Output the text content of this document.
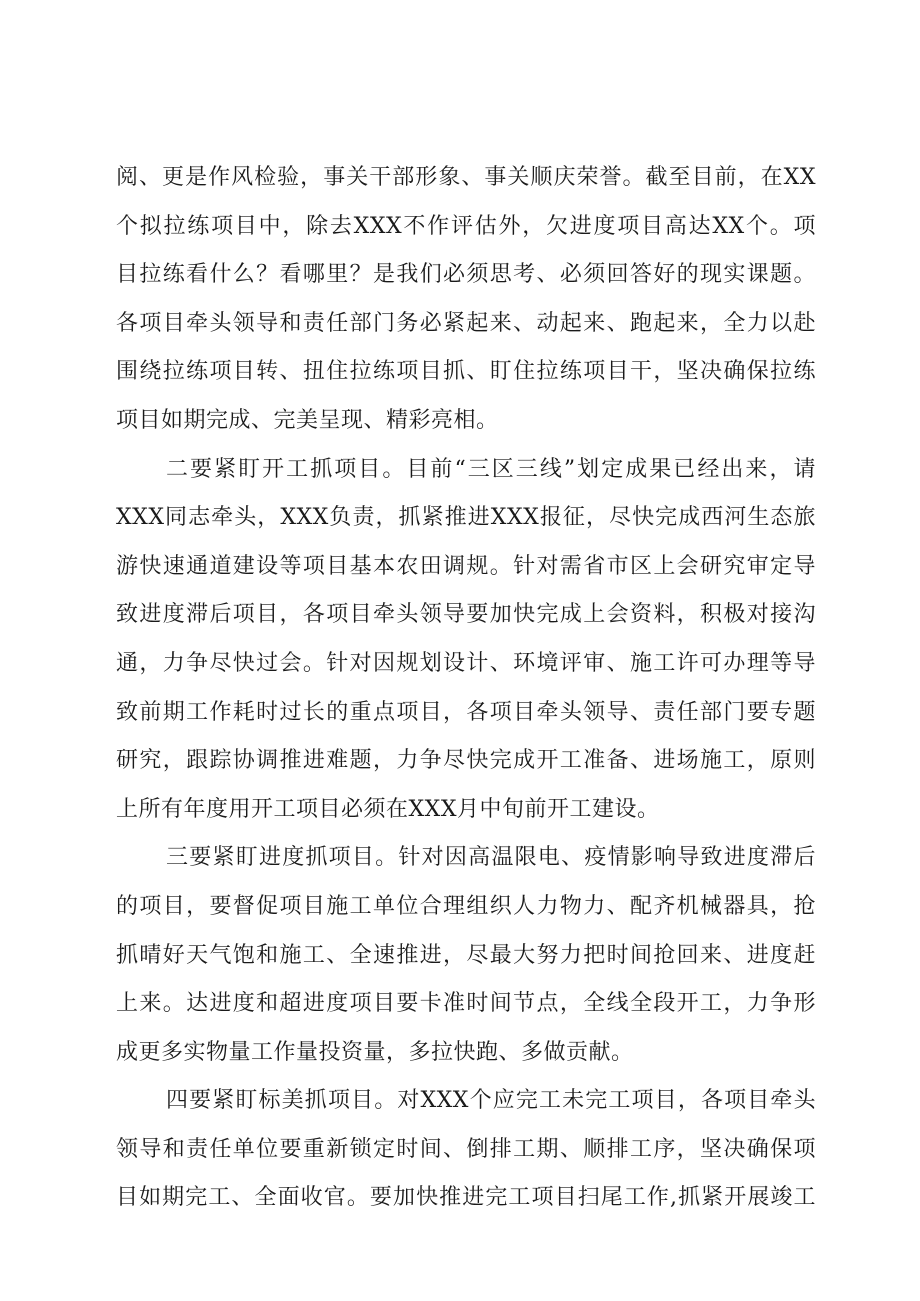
阅、更是作风检验，事关干部形象、事关顺庆荣誉。截至目前，在XX
个拟拉练项目中，除去XXX不作评估外，欠进度项目高达XX个。项
目拉练看什么？看哪里？是我们必须思考、必须回答好的现实课题。
各项目牵头领导和责任部门务必紧起来、动起来、跑起来，全力以赴
围绕拉练项目转、扭住拉练项目抓、盯住拉练项目干，坚决确保拉练
项目如期完成、完美呈现、精彩亮相。
二要紧盯开工抓项目。目前“三区三线”划定成果已经出来，请
XXX同志牵头，XXX负责，抓紧推进XXX报征，尽快完成西河生态旅
游快速通道建设等项目基本农田调规。针对需省市区上会研究审定导
致进度滞后项目，各项目牵头领导要加快完成上会资料，积极对接沟
通，力争尽快过会。针对因规划设计、环境评审、施工许可办理等导
致前期工作耗时过长的重点项目，各项目牵头领导、责任部门要专题
研究，跟踪协调推进难题，力争尽快完成开工准备、进场施工，原则
上所有年度用开工项目必须在XXX月中旬前开工建设。
三要紧盯进度抓项目。针对因高温限电、疫情影响导致进度滞后
的项目，要督促项目施工单位合理组织人力物力、配齐机械器具，抢
抓晴好天气饱和施工、全速推进，尽最大努力把时间抢回来、进度赶
上来。达进度和超进度项目要卡准时间节点，全线全段开工，力争形
成更多实物量工作量投资量，多拉快跑、多做贡献。
四要紧盯标美抓项目。对XXX个应完工未完工项目，各项目牵头
领导和责任单位要重新锁定时间、倒排工期、顺排工序，坚决确保项
目如期完工、全面收官。要加快推进完工项目扫尾工作,抓紧开展竣工
